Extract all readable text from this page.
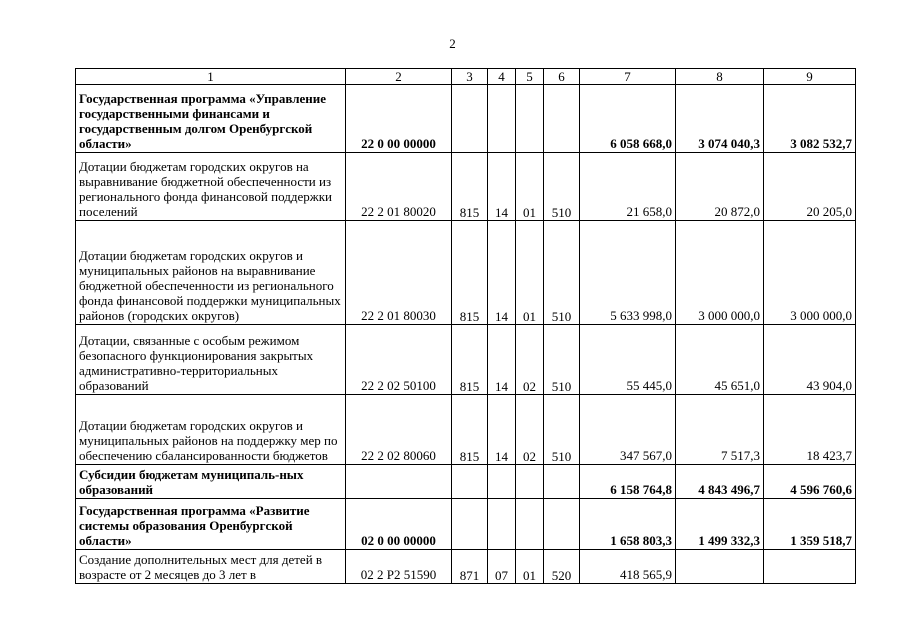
2
1	2	3	4	5	6	7	8	9
Государственная программа «Управление государственными финансами и государственным долгом Оренбургской области»	22 0 00 00000					6 058 668,0	3 074 040,3	3 082 532,7
Дотации бюджетам городских округов на выравнивание бюджетной обеспеченности из регионального фонда финансовой поддержки поселений	22 2 01 80020	815	14	01	510	21 658,0	20 872,0	20 205,0
Дотации бюджетам городских округов и муниципальных районов на выравнивание бюджетной обеспеченности из регионального фонда финансовой поддержки муниципальных районов (городских округов)	22 2 01 80030	815	14	01	510	5 633 998,0	3 000 000,0	3 000 000,0
Дотации, связанные с особым режимом безопасного функционирования закрытых административно-территориальных образований	22 2 02 50100	815	14	02	510	55 445,0	45 651,0	43 904,0
Дотации бюджетам городских округов и муниципальных районов на поддержку мер по обеспечению сбалансированности бюджетов	22 2 02 80060	815	14	02	510	347 567,0	7 517,3	18 423,7
Субсидии бюджетам муниципаль-ных образований						6 158 764,8	4 843 496,7	4 596 760,6
Государственная программа «Развитие системы образования Оренбургской области»	02 0 00 00000					1 658 803,3	1 499 332,3	1 359 518,7
Создание дополнительных мест для детей в возрасте от 2 месяцев до 3 лет в	02 2 P2 51590	871	07	01	520	418 565,9		
